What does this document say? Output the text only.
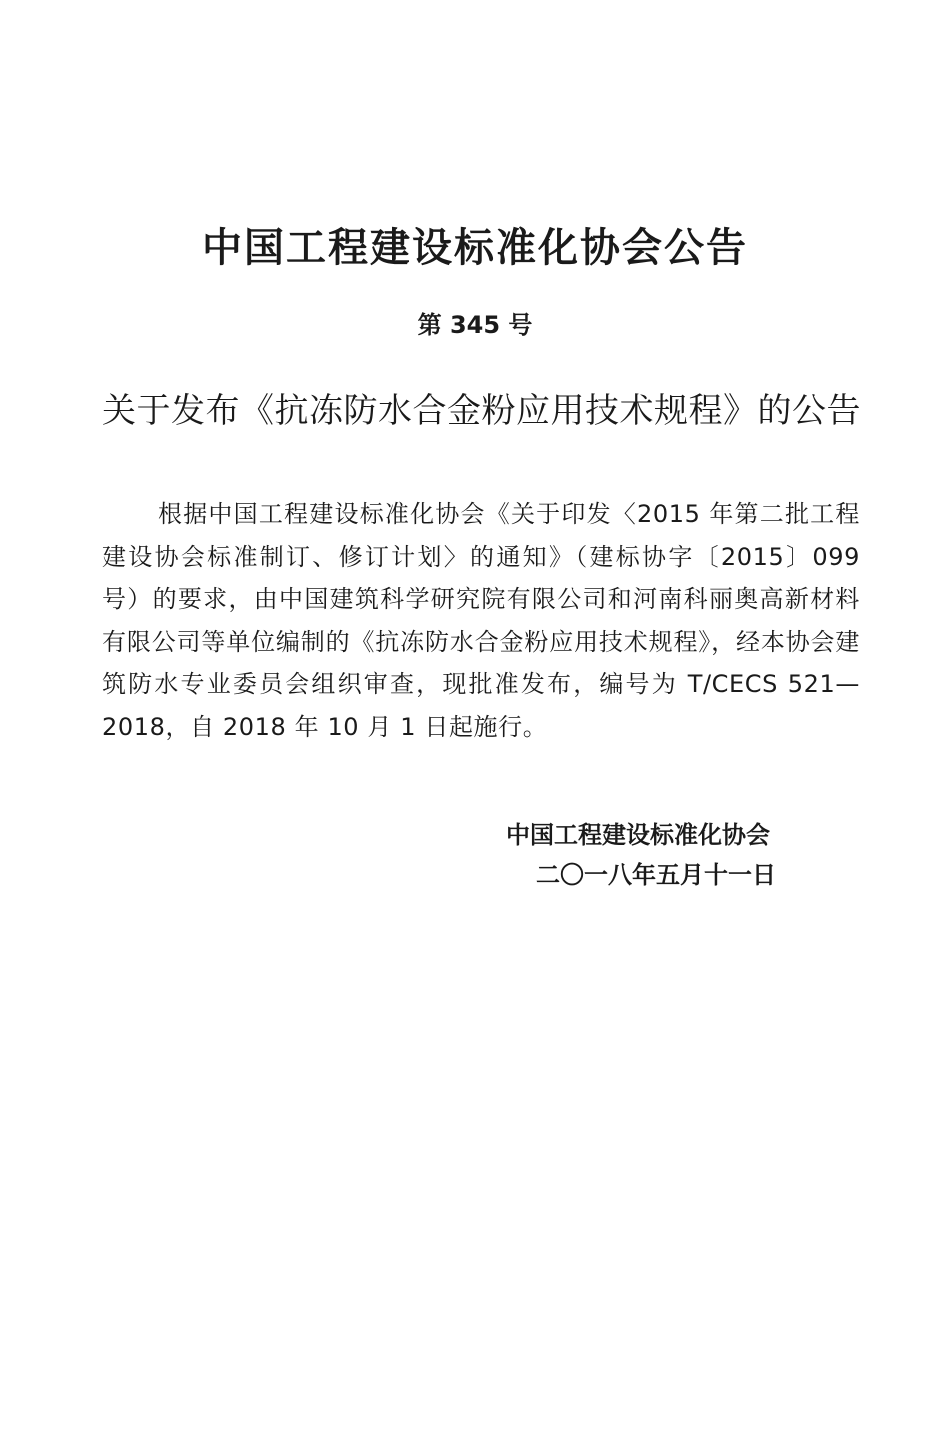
中国工程建设标准化协会公告
第 345 号
关于发布《抗冻防水合金粉应用技术规程》的公告

根据中国工程建设标准化协会《关于印发〈2015 年第二批工程建设协会标准制订、修订计划〉的通知》（建标协字〔2015〕099 号）的要求，由中国建筑科学研究院有限公司和河南科丽奥高新材料有限公司等单位编制的《抗冻防水合金粉应用技术规程》，经本协会建筑防水专业委员会组织审查，现批准发布，编号为 T/CECS 521—2018，自 2018 年 10 月 1 日起施行。

中国工程建设标准化协会
二〇一八年五月十一日
